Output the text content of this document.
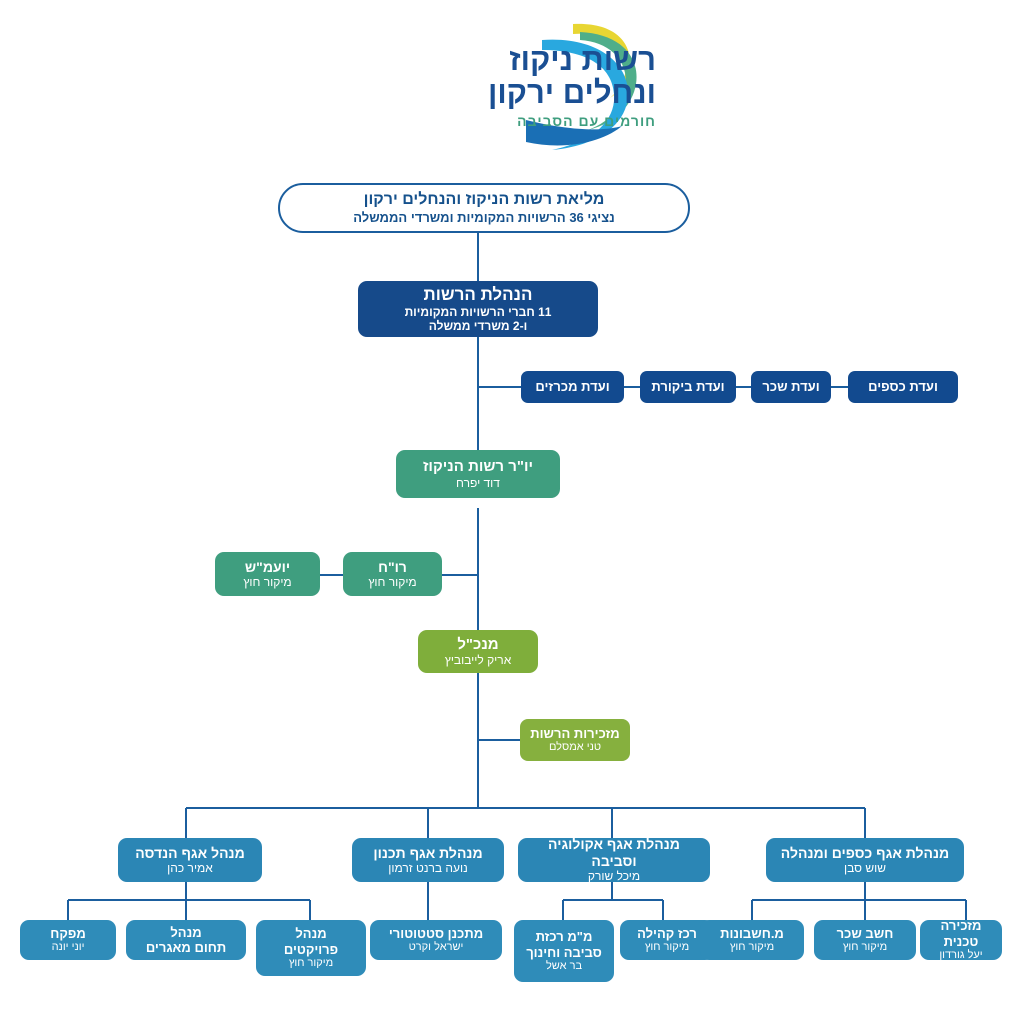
רשות ניקוז
ונחלים ירקון
חורמים עם הסביבה
מליאת רשות הניקוז והנחלים ירקון
נציגי 36 הרשויות המקומיות ומשרדי הממשלה
הנהלת הרשות
11 חברי הרשויות המקומיות
ו-2 משרדי ממשלה
ועדת מכרזים	ועדת ביקורת	ועדת שכר	ועדת כספים
יו"ר רשות הניקוז
דוד יפרח
רו"ח
מיקור חוץ
יועמ"ש
מיקור חוץ
מנכ"ל
אריק לייבוביץ
מזכירות הרשות
טני אמסלם
מנהל אגף הנדסה
אמיר כהן
מנהלת אגף תכנון
נועה ברנט זרמון
מנהלת אגף אקולוגיה וסביבה
מיכל שורק
מנהלת אגף כספים ומנהלה
שוש סבן
מפקח
יוני יונה
מנהל
תחום מאגרים
מנהל
פרויקטים
מיקור חוץ
מתכנן סטטוטורי
ישראל וקרט
מ"מ רכזת
סביבה וחינוך
בר אשל
רכז קהילה
מיקור חוץ
מ.חשבונות
מיקור חוץ
חשב שכר
מיקור חוץ
מזכירה טכנית
יעל גורדון
